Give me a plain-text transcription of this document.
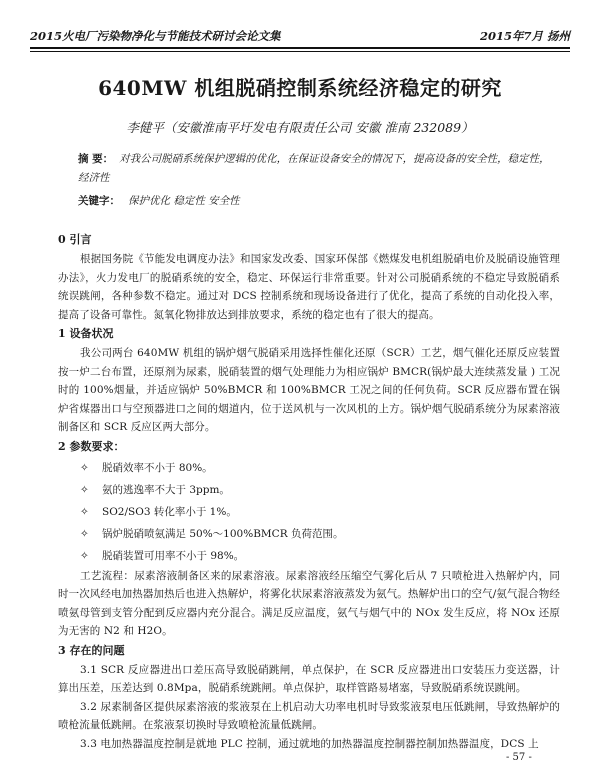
2015火电厂污染物净化与节能技术研讨会论文集	2015年7月 扬州
640MW 机组脱硝控制系统经济稳定的研究
李健平（安徽淮南平圩发电有限责任公司 安徽 淮南 232089）
摘 要： 对我公司脱硝系统保护逻辑的优化，在保证设备安全的情况下，提高设备的安全性，稳定性，经济性
关键字： 保护优化 稳定性 安全性

0 引言

根据国务院《节能发电调度办法》和国家发改委、国家环保部《燃煤发电机组脱硝电价及脱硝设施管理办法》，火力发电厂的脱硝系统的安全，稳定、环保运行非常重要。针对公司脱硝系统的不稳定导致脱硝系统误跳闸，各种参数不稳定。通过对 DCS 控制系统和现场设备进行了优化，提高了系统的自动化投入率，提高了设备可靠性。氮氧化物排放达到排放要求，系统的稳定也有了很大的提高。

1 设备状况

我公司两台 640MW 机组的锅炉烟气脱硝采用选择性催化还原（SCR）工艺，烟气催化还原反应装置按一炉二台布置，还原剂为尿素，脱硝装置的烟气处理能力为相应锅炉 BMCR(锅炉最大连续蒸发量 ) 工况时的 100%烟量，并适应锅炉 50%BMCR 和 100%BMCR 工况之间的任何负荷。SCR 反应器布置在锅炉省煤器出口与空预器进口之间的烟道内，位于送风机与一次风机的上方。锅炉烟气脱硝系统分为尿素溶液制备区和 SCR 反应区两大部分。

2 参数要求：

✧ 脱硝效率不小于 80%。

✧ 氨的逃逸率不大于 3ppm。

✧ SO2/SO3 转化率小于 1%。

✧ 锅炉脱硝喷氨满足 50%～100%BMCR 负荷范围。

✧ 脱硝装置可用率不小于 98%。

工艺流程：尿素溶液制备区来的尿素溶液。尿素溶液经压缩空气雾化后从 7 只喷枪进入热解炉内，同时一次风经电加热器加热后也进入热解炉，将雾化状尿素溶液蒸发为氨气。热解炉出口的空气/氨气混合物经喷氨母管到支管分配到反应器内充分混合。满足反应温度，氨气与烟气中的 NOx 发生反应，将 NOx 还原为无害的 N2 和 H2O。

3 存在的问题

3.1 SCR 反应器进出口差压高导致脱硝跳闸，单点保护，在 SCR 反应器进出口安装压力变送器，计算出压差，压差达到 0.8Mpa，脱硝系统跳闸。单点保护，取样管路易堵塞，导致脱硝系统误跳闸。

3.2 尿素制备区提供尿素溶液的浆液泵在上机启动大功率电机时导致浆液泵电压低跳闸，导致热解炉的喷枪流量低跳闸。在浆液泵切换时导致喷枪流量低跳闸。

3.3 电加热器温度控制是就地 PLC 控制，通过就地的加热器温度控制器控制加热器温度，DCS 上

- 57 -
